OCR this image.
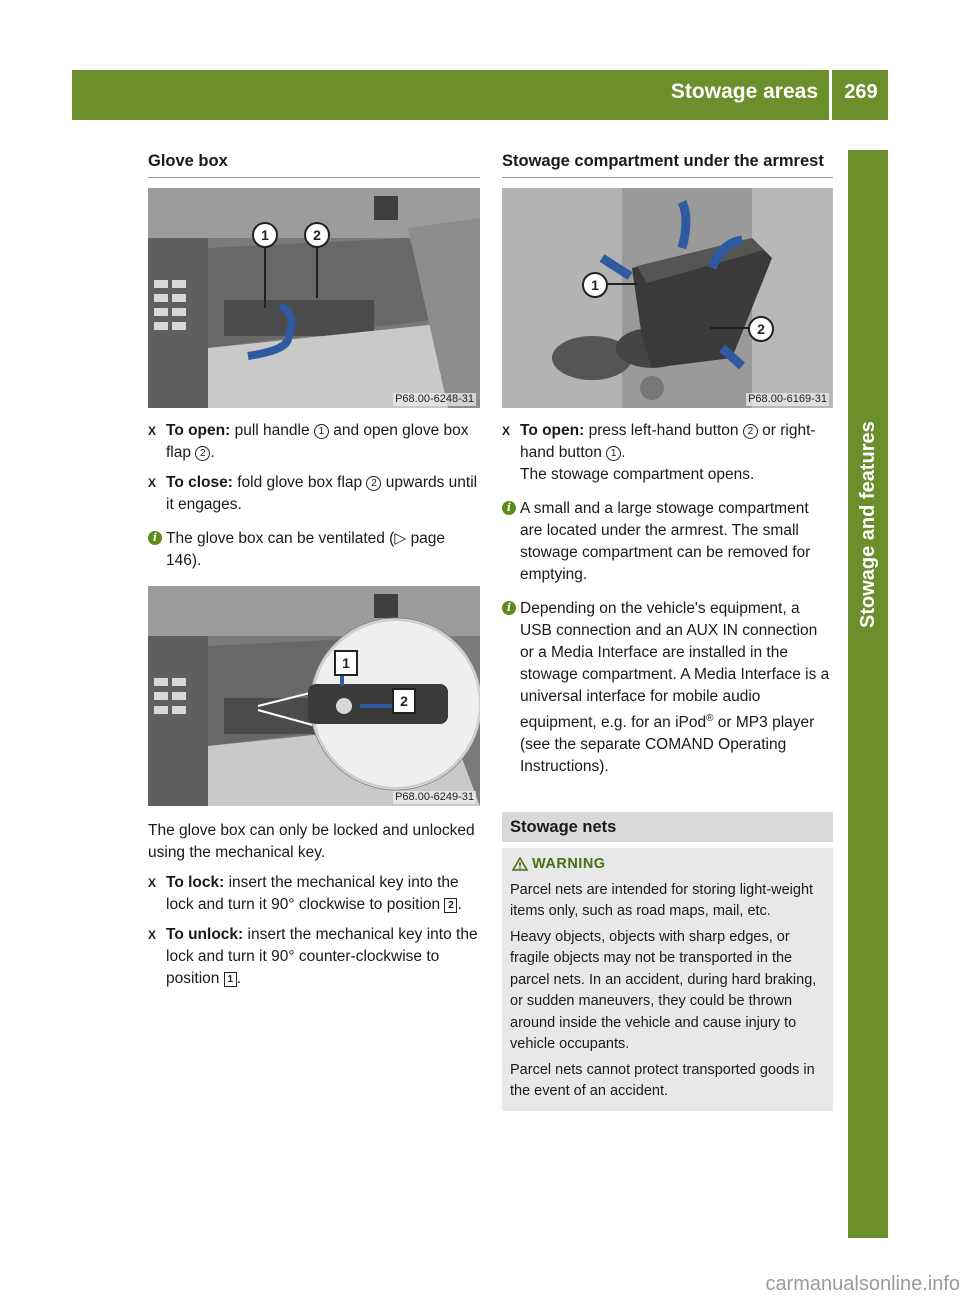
Stowage areas	269
Stowage and features
Glove box
1	2
P68.00-6248-31
X To open: pull handle 1 and open glove box flap 2 .
X To close: fold glove box flap 2 upwards until it engages.
i The glove box can be ventilated (▷ page 146).

1
2
P68.00-6249-31

The glove box can only be locked and unlocked using the mechanical key.

X To lock: insert the mechanical key into the lock and turn it 90° clockwise to position 2 .
X To unlock: insert the mechanical key into the lock and turn it 90° counter-clockwise to position 1 .
Stowage compartment under the armrest
1
2
P68.00-6169-31
X To open: press left-hand button 2 or right-hand button 1 .

The stowage compartment opens.

i A small and a large stowage compartment are located under the armrest. The small stowage compartment can be removed for emptying.

i Depending on the vehicle's equipment, a USB connection and an AUX IN connection or a Media Interface are installed in the stowage compartment. A Media Interface is a universal interface for mobile audio equipment, e.g. for an iPod® or MP3 player (see the separate COMAND Operating Instructions).

Stowage nets
WARNING

Parcel nets are intended for storing light-weight items only, such as road maps, mail, etc.

Heavy objects, objects with sharp edges, or fragile objects may not be transported in the parcel nets. In an accident, during hard braking, or sudden maneuvers, they could be thrown around inside the vehicle and cause injury to vehicle occupants.

Parcel nets cannot protect transported goods in the event of an accident.

carmanualsonline.info
